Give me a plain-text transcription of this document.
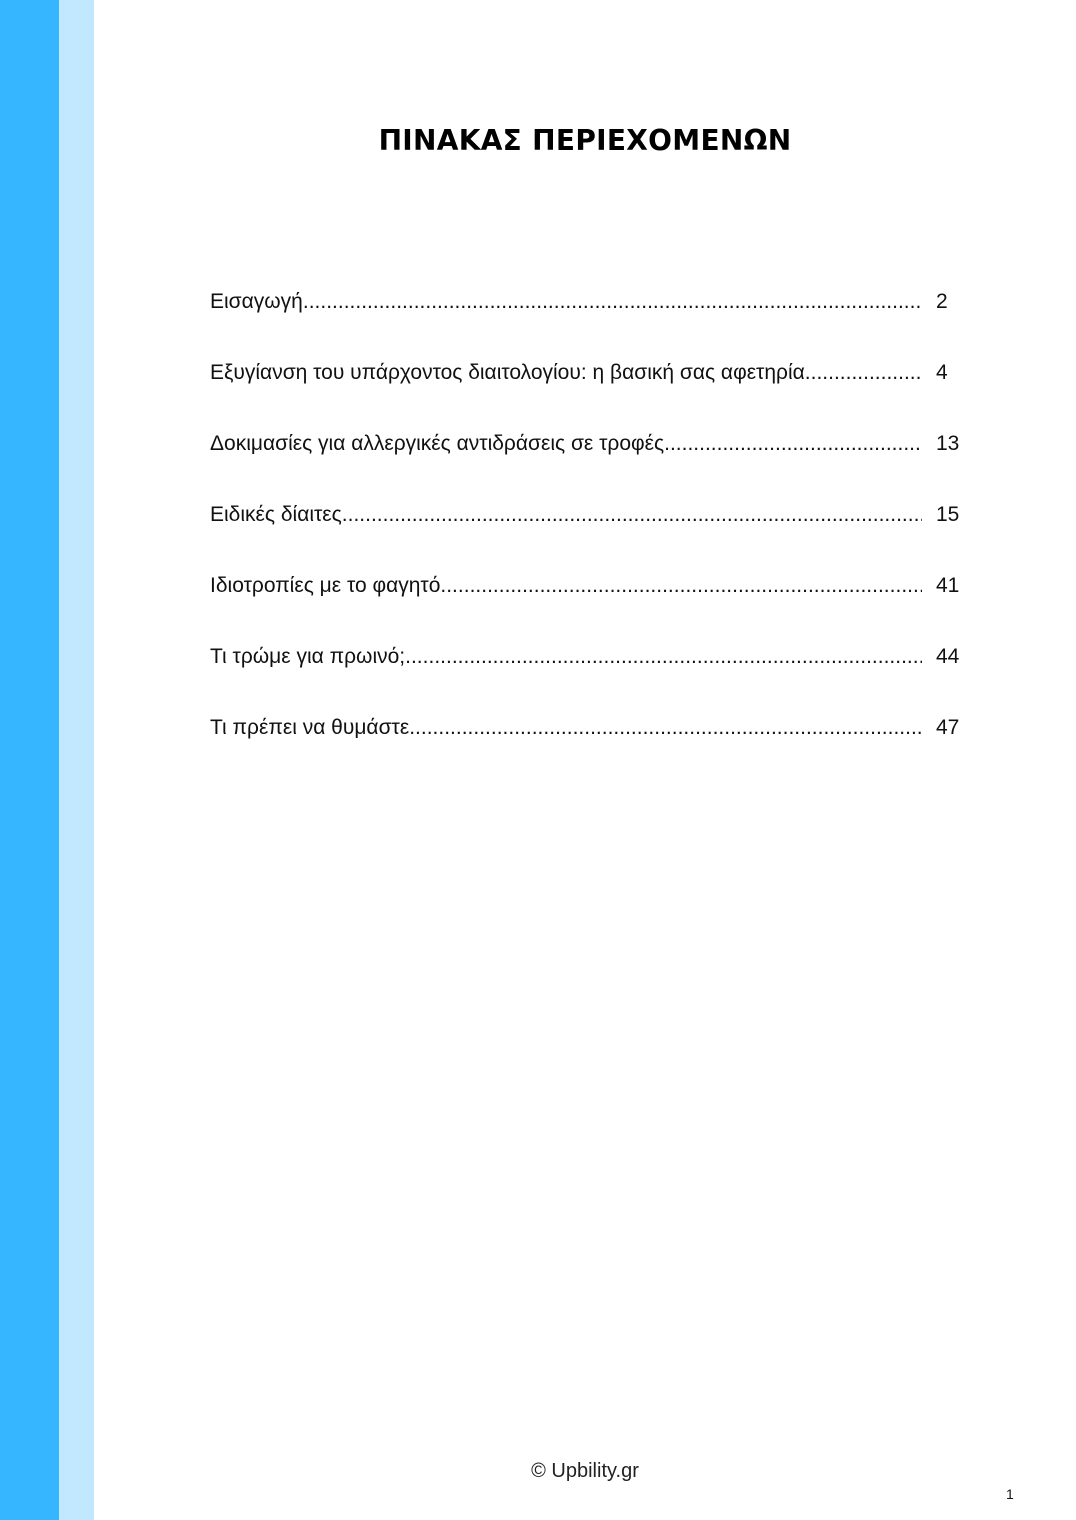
ΠΙΝΑΚΑΣ ΠΕΡΙΕΧΟΜΕΝΩΝ
Εισαγωγή .....	2
Εξυγίανση του υπάρχοντος διαιτολογίου: η βασική σας αφετηρία .....	4
Δοκιμασίες για αλλεργικές αντιδράσεις σε τροφές .....	13
Ειδικές δίαιτες .....	15
Ιδιοτροπίες με το φαγητό .....	41
Τι τρώμε για πρωινό; .....	44
Τι πρέπει να θυμάστε .....	47
© Upbility.gr
1
